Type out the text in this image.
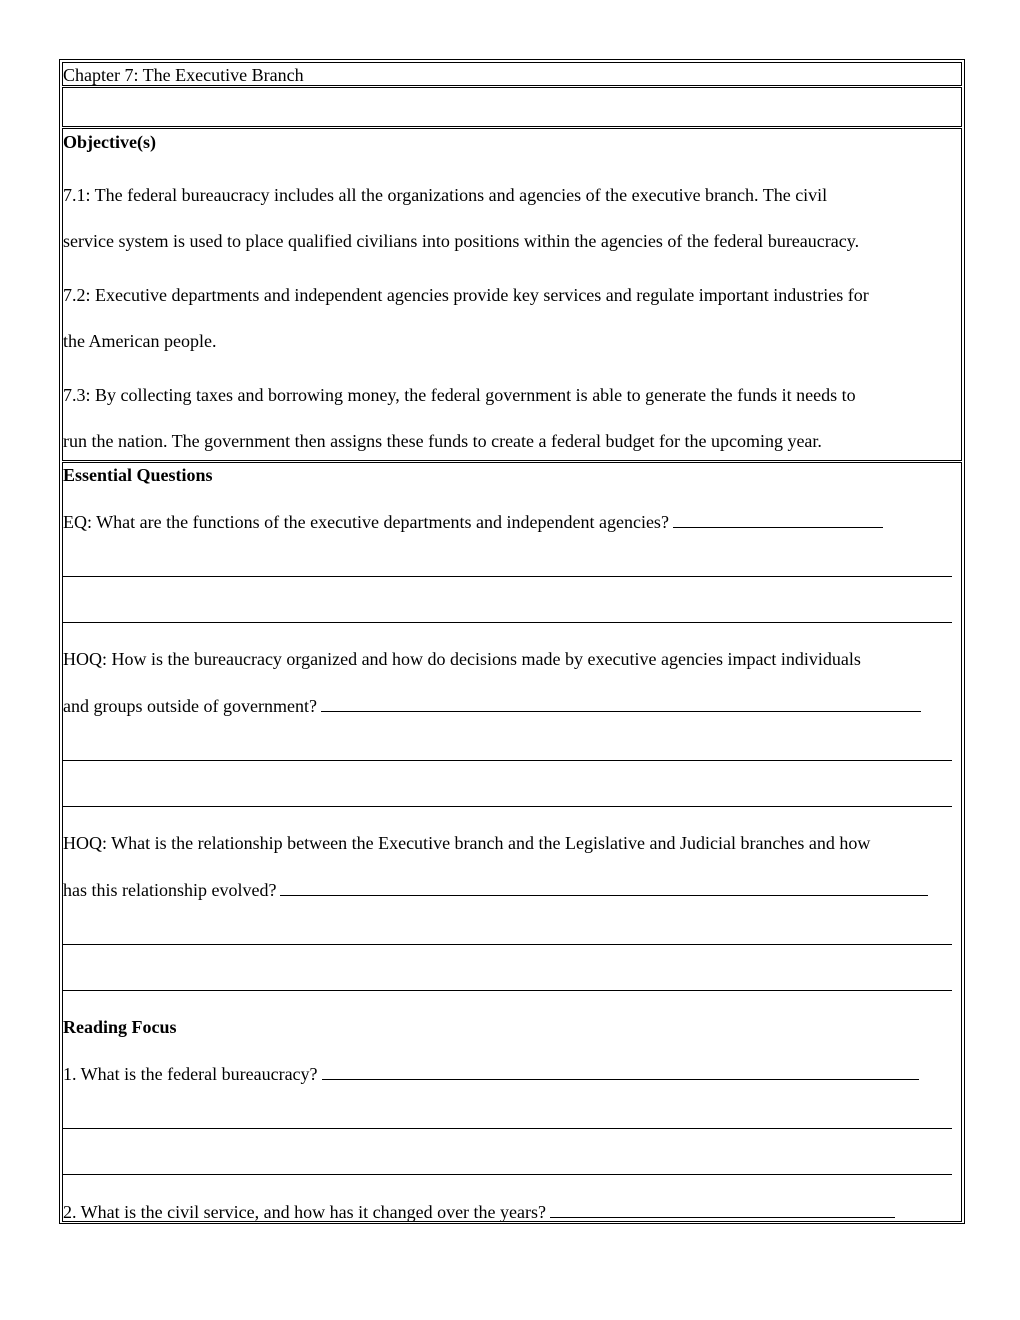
Chapter 7: The Executive Branch
Objective(s)
7.1: The federal bureaucracy includes all the organizations and agencies of the executive branch. The civil
service system is used to place qualified civilians into positions within the agencies of the federal bureaucracy.
7.2: Executive departments and independent agencies provide key services and regulate important industries for
the American people.
7.3: By collecting taxes and borrowing money, the federal government is able to generate the funds it needs to
run the nation. The government then assigns these funds to create a federal budget for the upcoming year.
Essential Questions
EQ: What are the functions of the executive departments and independent agencies?
HOQ: How is the bureaucracy organized and how do decisions made by executive agencies impact individuals
and groups outside of government?
HOQ: What is the relationship between the Executive branch and the Legislative and Judicial branches and how
has this relationship evolved?
Reading Focus
1. What is the federal bureaucracy?
2. What is the civil service, and how has it changed over the years?
